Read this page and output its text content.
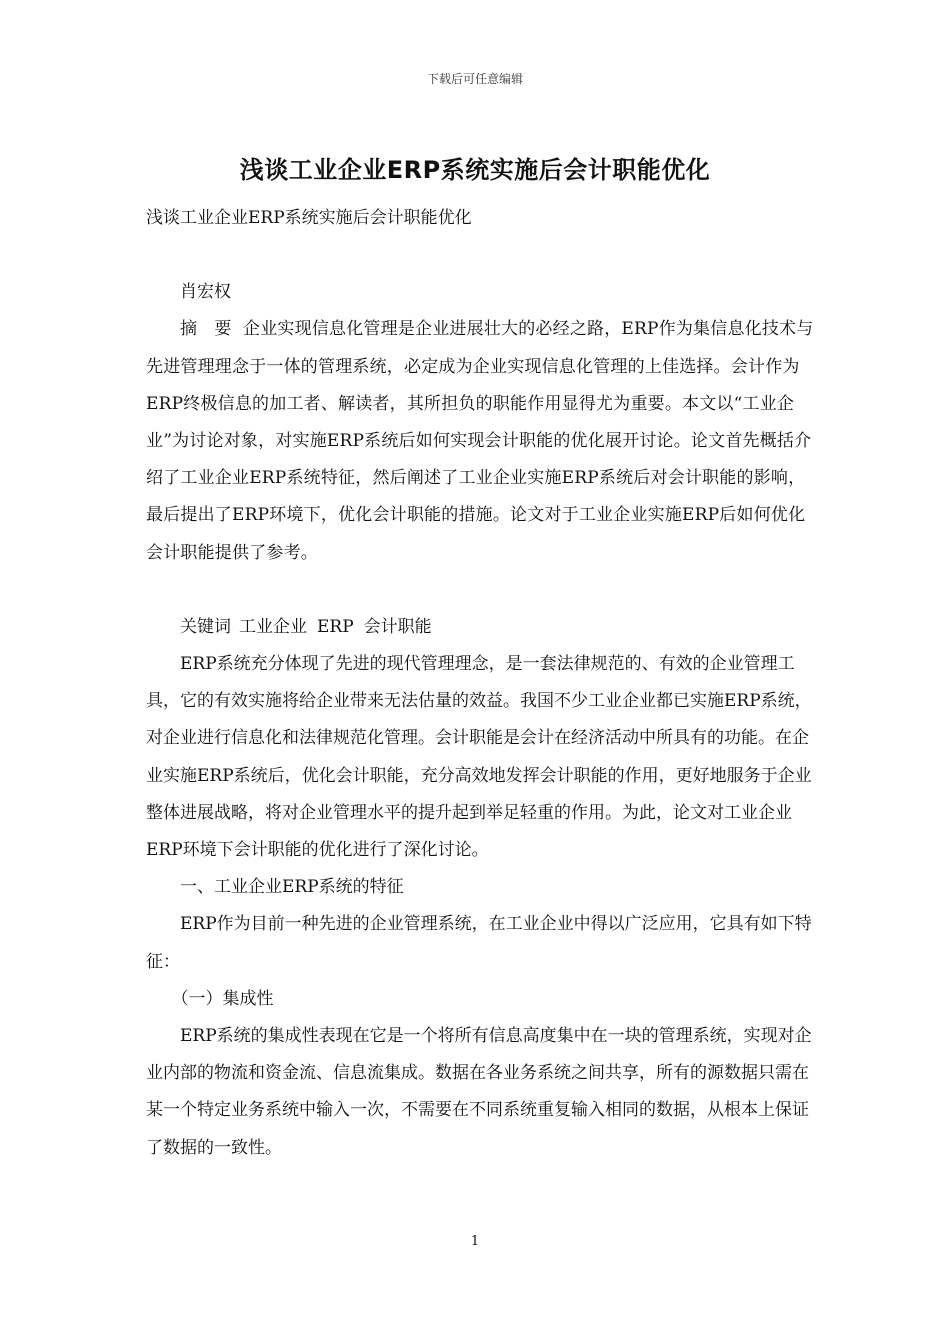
下载后可任意编辑
浅谈工业企业ERP系统实施后会计职能优化

浅谈工业企业ERP系统实施后会计职能优化

肖宏权

摘 要 企业实现信息化管理是企业进展壮大的必经之路，ERP作为集信息化技术与先进管理理念于一体的管理系统，必定成为企业实现信息化管理的上佳选择。会计作为ERP终极信息的加工者、解读者，其所担负的职能作用显得尤为重要。本文以“工业企业”为讨论对象，对实施ERP系统后如何实现会计职能的优化展开讨论。论文首先概括介绍了工业企业ERP系统特征，然后阐述了工业企业实施ERP系统后对会计职能的影响，最后提出了ERP环境下，优化会计职能的措施。论文对于工业企业实施ERP后如何优化会计职能提供了参考。

关键词 工业企业 ERP 会计职能

ERP系统充分体现了先进的现代管理理念，是一套法律规范的、有效的企业管理工具，它的有效实施将给企业带来无法估量的效益。我国不少工业企业都已实施ERP系统，对企业进行信息化和法律规范化管理。会计职能是会计在经济活动中所具有的功能。在企业实施ERP系统后，优化会计职能，充分高效地发挥会计职能的作用，更好地服务于企业整体进展战略，将对企业管理水平的提升起到举足轻重的作用。为此，论文对工业企业ERP环境下会计职能的优化进行了深化讨论。

一、工业企业ERP系统的特征

ERP作为目前一种先进的企业管理系统，在工业企业中得以广泛应用，它具有如下特征：

（一）集成性

ERP系统的集成性表现在它是一个将所有信息高度集中在一块的管理系统，实现对企业内部的物流和资金流、信息流集成。数据在各业务系统之间共享，所有的源数据只需在某一个特定业务系统中输入一次，不需要在不同系统重复输入相同的数据，从根本上保证了数据的一致性。

1
